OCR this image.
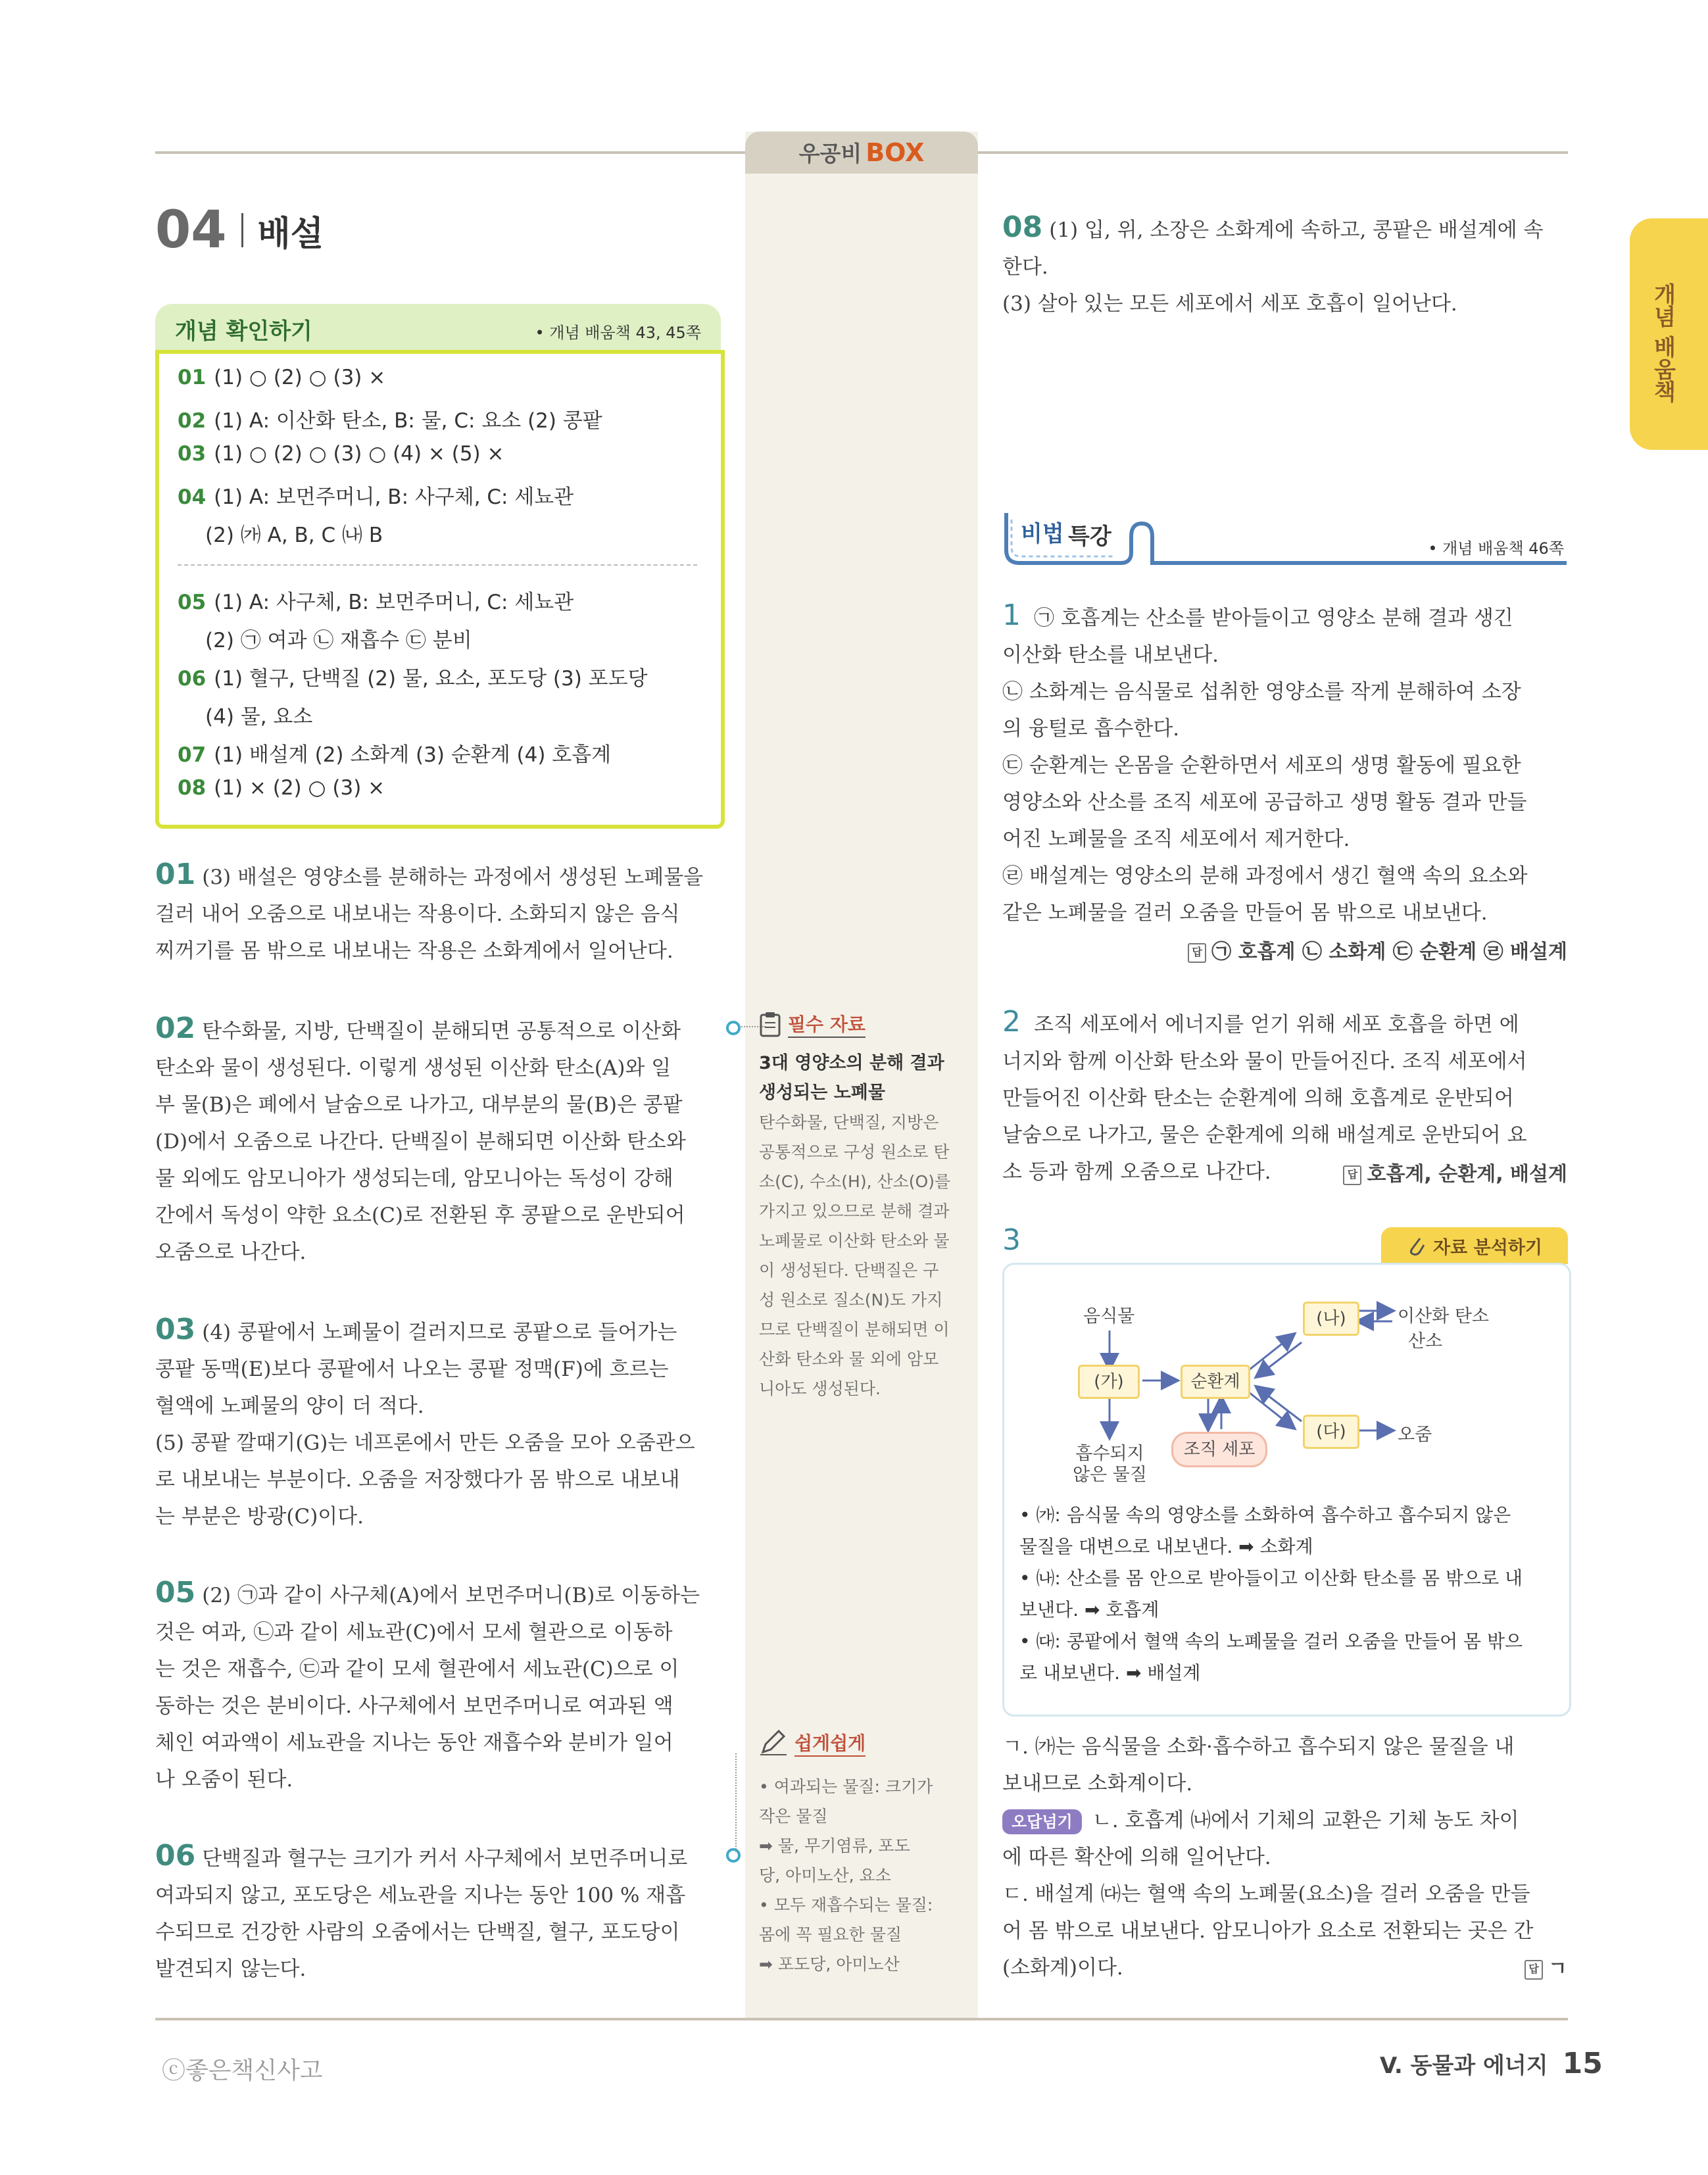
우공비 BOX
개념 배움책
04 배설
개념 확인하기	• 개념 배움책 43, 45쪽
01 (1) ○ (2) ○ (3) ×
02 (1) A: 이산화 탄소, B: 물, C: 요소 (2) 콩팥
03 (1) ○ (2) ○ (3) ○ (4) × (5) ×
04 (1) A: 보먼주머니, B: 사구체, C: 세뇨관
(2) ㈎ A, B, C ㈏ B
05 (1) A: 사구체, B: 보먼주머니, C: 세뇨관
(2) ㉠ 여과 ㉡ 재흡수 ㉢ 분비
06 (1) 혈구, 단백질 (2) 물, 요소, 포도당 (3) 포도당
(4) 물, 요소
07 (1) 배설계 (2) 소화계 (3) 순환계 (4) 호흡계
08 (1) × (2) ○ (3) ×
01 (3) 배설은 영양소를 분해하는 과정에서 생성된 노폐물을
걸러 내어 오줌으로 내보내는 작용이다. 소화되지 않은 음식
찌꺼기를 몸 밖으로 내보내는 작용은 소화계에서 일어난다.
02 탄수화물, 지방, 단백질이 분해되면 공통적으로 이산화
탄소와 물이 생성된다. 이렇게 생성된 이산화 탄소(A)와 일
부 물(B)은 폐에서 날숨으로 나가고, 대부분의 물(B)은 콩팥
(D)에서 오줌으로 나간다. 단백질이 분해되면 이산화 탄소와
물 외에도 암모니아가 생성되는데, 암모니아는 독성이 강해
간에서 독성이 약한 요소(C)로 전환된 후 콩팥으로 운반되어
오줌으로 나간다.
03 (4) 콩팥에서 노폐물이 걸러지므로 콩팥으로 들어가는
콩팥 동맥(E)보다 콩팥에서 나오는 콩팥 정맥(F)에 흐르는
혈액에 노폐물의 양이 더 적다.
(5) 콩팥 깔때기(G)는 네프론에서 만든 오줌을 모아 오줌관으
로 내보내는 부분이다. 오줌을 저장했다가 몸 밖으로 내보내
는 부분은 방광(C)이다.
05 (2) ㉠과 같이 사구체(A)에서 보먼주머니(B)로 이동하는
것은 여과, ㉡과 같이 세뇨관(C)에서 모세 혈관으로 이동하
는 것은 재흡수, ㉢과 같이 모세 혈관에서 세뇨관(C)으로 이
동하는 것은 분비이다. 사구체에서 보먼주머니로 여과된 액
체인 여과액이 세뇨관을 지나는 동안 재흡수와 분비가 일어
나 오줌이 된다.
06 단백질과 혈구는 크기가 커서 사구체에서 보먼주머니로
여과되지 않고, 포도당은 세뇨관을 지나는 동안 100 % 재흡
수되므로 건강한 사람의 오줌에서는 단백질, 혈구, 포도당이
발견되지 않는다.
필수 자료
3대 영양소의 분해 결과
생성되는 노폐물
탄수화물, 단백질, 지방은
공통적으로 구성 원소로 탄
소(C), 수소(H), 산소(O)를
가지고 있으므로 분해 결과
노폐물로 이산화 탄소와 물
이 생성된다. 단백질은 구
성 원소로 질소(N)도 가지
므로 단백질이 분해되면 이
산화 탄소와 물 외에 암모
니아도 생성된다.
쉽게쉽게
• 여과되는 물질: 크기가
작은 물질
➡ 물, 무기염류, 포도
당, 아미노산, 요소
• 모두 재흡수되는 물질:
몸에 꼭 필요한 물질
➡ 포도당, 아미노산
08 (1) 입, 위, 소장은 소화계에 속하고, 콩팥은 배설계에 속
한다.
(3) 살아 있는 모든 세포에서 세포 호흡이 일어난다.
비법 특강	• 개념 배움책 46쪽
1 ㉠ 호흡계는 산소를 받아들이고 영양소 분해 결과 생긴
이산화 탄소를 내보낸다.
㉡ 소화계는 음식물로 섭취한 영양소를 작게 분해하여 소장
의 융털로 흡수한다.
㉢ 순환계는 온몸을 순환하면서 세포의 생명 활동에 필요한
영양소와 산소를 조직 세포에 공급하고 생명 활동 결과 만들
어진 노폐물을 조직 세포에서 제거한다.
㉣ 배설계는 영양소의 분해 과정에서 생긴 혈액 속의 요소와
같은 노폐물을 걸러 오줌을 만들어 몸 밖으로 내보낸다.
답 ㉠ 호흡계 ㉡ 소화계 ㉢ 순환계 ㉣ 배설계
2 조직 세포에서 에너지를 얻기 위해 세포 호흡을 하면 에
너지와 함께 이산화 탄소와 물이 만들어진다. 조직 세포에서
만들어진 이산화 탄소는 순환계에 의해 호흡계로 운반되어
날숨으로 나가고, 물은 순환계에 의해 배설계로 운반되어 요
소 등과 함께 오줌으로 나간다.	답 호흡계, 순환계, 배설계
3	자료 분석하기
음식물
(가)	순환계
(나)
(다)
이산화 탄소
산소
오줌
흡수되지
않은 물질
조직 세포
• ㈎: 음식물 속의 영양소를 소화하여 흡수하고 흡수되지 않은
물질을 대변으로 내보낸다. ➡ 소화계
• ㈏: 산소를 몸 안으로 받아들이고 이산화 탄소를 몸 밖으로 내
보낸다. ➡ 호흡계
• ㈐: 콩팥에서 혈액 속의 노폐물을 걸러 오줌을 만들어 몸 밖으
로 내보낸다. ➡ 배설계
ㄱ. ㈎는 음식물을 소화·흡수하고 흡수되지 않은 물질을 내
보내므로 소화계이다.
오답넘기 ㄴ. 호흡계 ㈏에서 기체의 교환은 기체 농도 차이
에 따른 확산에 의해 일어난다.
ㄷ. 배설계 ㈐는 혈액 속의 노폐물(요소)을 걸러 오줌을 만들
어 몸 밖으로 내보낸다. 암모니아가 요소로 전환되는 곳은 간
(소화계)이다.	답 ㄱ
ⓒ좋은책신사고	V. 동물과 에너지 15
